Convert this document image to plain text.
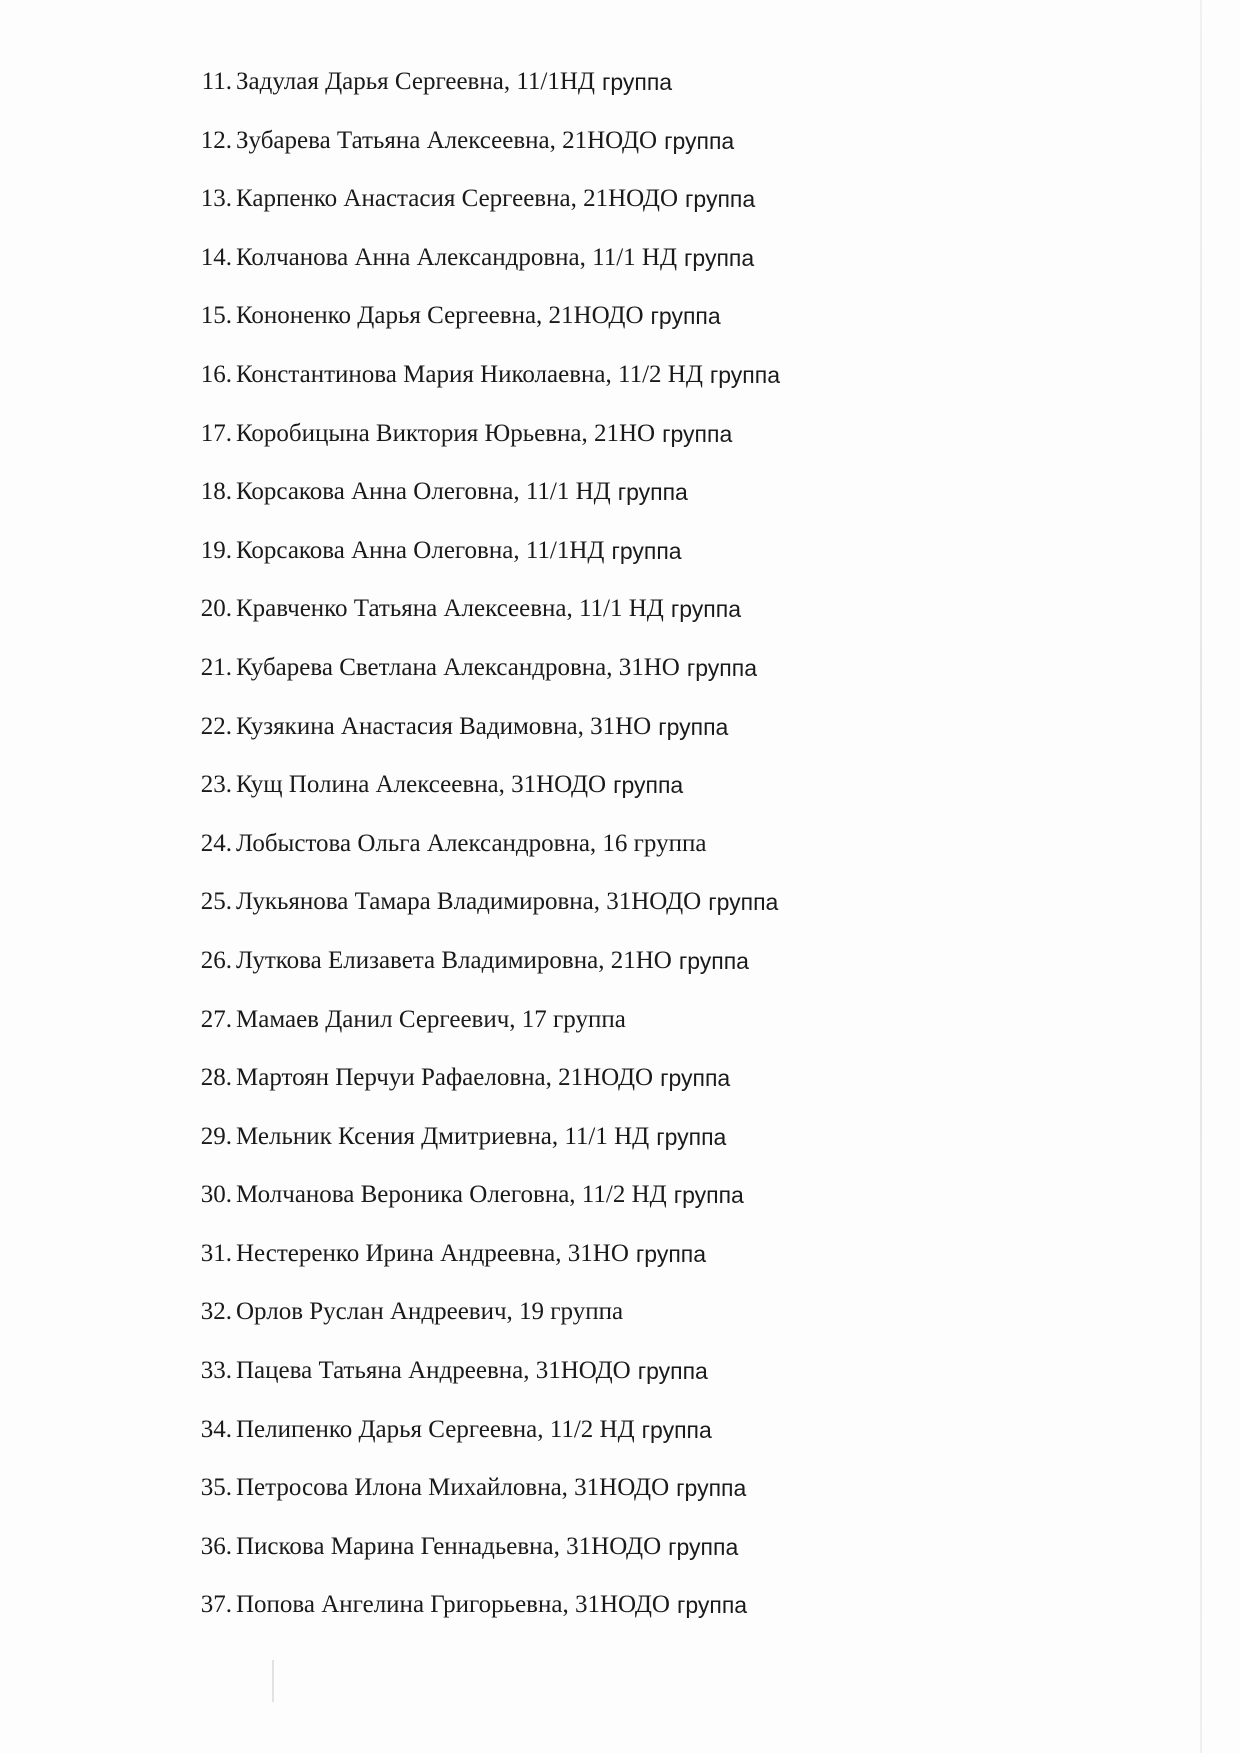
11. Задулая Дарья Сергеевна, 11/1НД группа
12. Зубарева Татьяна Алексеевна, 21НОДО группа
13. Карпенко Анастасия Сергеевна, 21НОДО группа
14. Колчанова Анна Александровна, 11/1 НД группа
15. Кононенко Дарья Сергеевна, 21НОДО группа
16. Константинова Мария Николаевна, 11/2 НД группа
17. Коробицына Виктория Юрьевна, 21НО группа
18. Корсакова Анна Олеговна, 11/1 НД группа
19. Корсакова Анна Олеговна, 11/1НД группа
20. Кравченко Татьяна Алексеевна, 11/1 НД группа
21. Кубарева Светлана Александровна, 31НО группа
22. Кузякина Анастасия Вадимовна, 31НО группа
23. Кущ Полина Алексеевна, 31НОДО группа
24. Лобыстова Ольга Александровна, 16 группа
25. Лукьянова Тамара Владимировна, 31НОДО группа
26. Луткова Елизавета Владимировна, 21НО группа
27. Мамаев Данил Сергеевич, 17 группа
28. Мартоян Перчуи Рафаеловна, 21НОДО группа
29. Мельник Ксения Дмитриевна, 11/1 НД группа
30. Молчанова Вероника Олеговна, 11/2 НД группа
31. Нестеренко Ирина Андреевна, 31НО группа
32. Орлов Руслан Андреевич, 19 группа
33. Пацева Татьяна Андреевна, 31НОДО группа
34. Пелипенко Дарья Сергеевна, 11/2 НД группа
35. Петросова Илона Михайловна, 31НОДО группа
36. Пискова Марина Геннадьевна, 31НОДО группа
37. Попова Ангелина Григорьевна, 31НОДО группа
